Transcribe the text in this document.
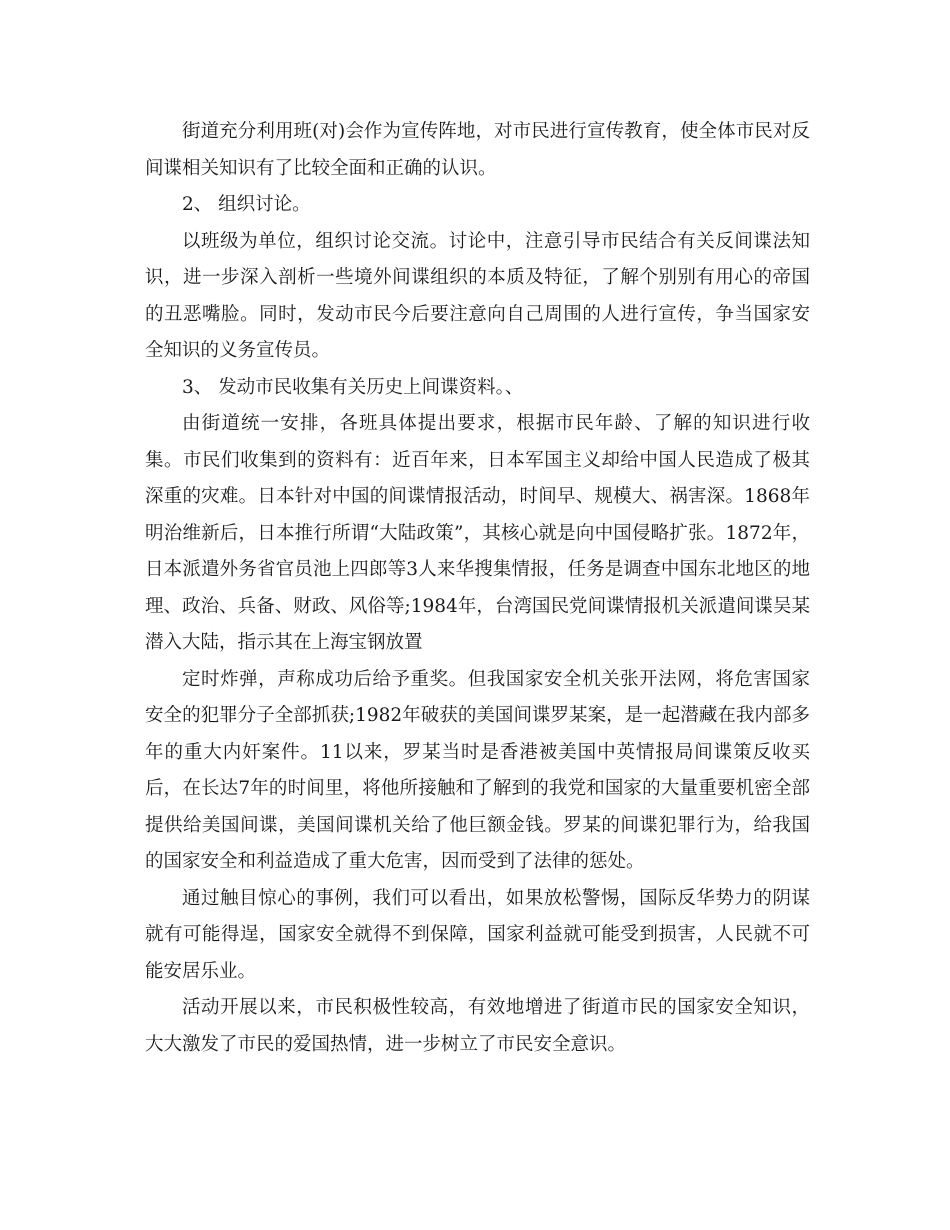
街道充分利用班(对)会作为宣传阵地，对市民进行宣传教育，使全体市民对反间谍相关知识有了比较全面和正确的认识。

2、 组织讨论。

以班级为单位，组织讨论交流。讨论中，注意引导市民结合有关反间谍法知识，进一步深入剖析一些境外间谍组织的本质及特征，了解个别别有用心的帝国的丑恶嘴脸。同时，发动市民今后要注意向自己周围的人进行宣传，争当国家安全知识的义务宣传员。

3、 发动市民收集有关历史上间谍资料。、

由街道统一安排，各班具体提出要求，根据市民年龄、了解的知识进行收集。市民们收集到的资料有：近百年来，日本军国主义却给中国人民造成了极其深重的灾难。日本针对中国的间谍情报活动，时间早、规模大、祸害深。1868年明治维新后，日本推行所谓“大陆政策”，其核心就是向中国侵略扩张。1872年，日本派遣外务省官员池上四郎等3人来华搜集情报，任务是调查中国东北地区的地理、政治、兵备、财政、风俗等;1984年，台湾国民党间谍情报机关派遣间谍吴某潜入大陆，指示其在上海宝钢放置

定时炸弹，声称成功后给予重奖。但我国家安全机关张开法网，将危害国家安全的犯罪分子全部抓获;1982年破获的美国间谍罗某案，是一起潜藏在我内部多年的重大内奸案件。11以来，罗某当时是香港被美国中英情报局间谍策反收买后，在长达7年的时间里，将他所接触和了解到的我党和国家的大量重要机密全部提供给美国间谍，美国间谍机关给了他巨额金钱。罗某的间谍犯罪行为，给我国的国家安全和利益造成了重大危害，因而受到了法律的惩处。

通过触目惊心的事例，我们可以看出，如果放松警惕，国际反华势力的阴谋就有可能得逞，国家安全就得不到保障，国家利益就可能受到损害，人民就不可能安居乐业。

活动开展以来，市民积极性较高，有效地增进了街道市民的国家安全知识，大大激发了市民的爱国热情，进一步树立了市民安全意识。
